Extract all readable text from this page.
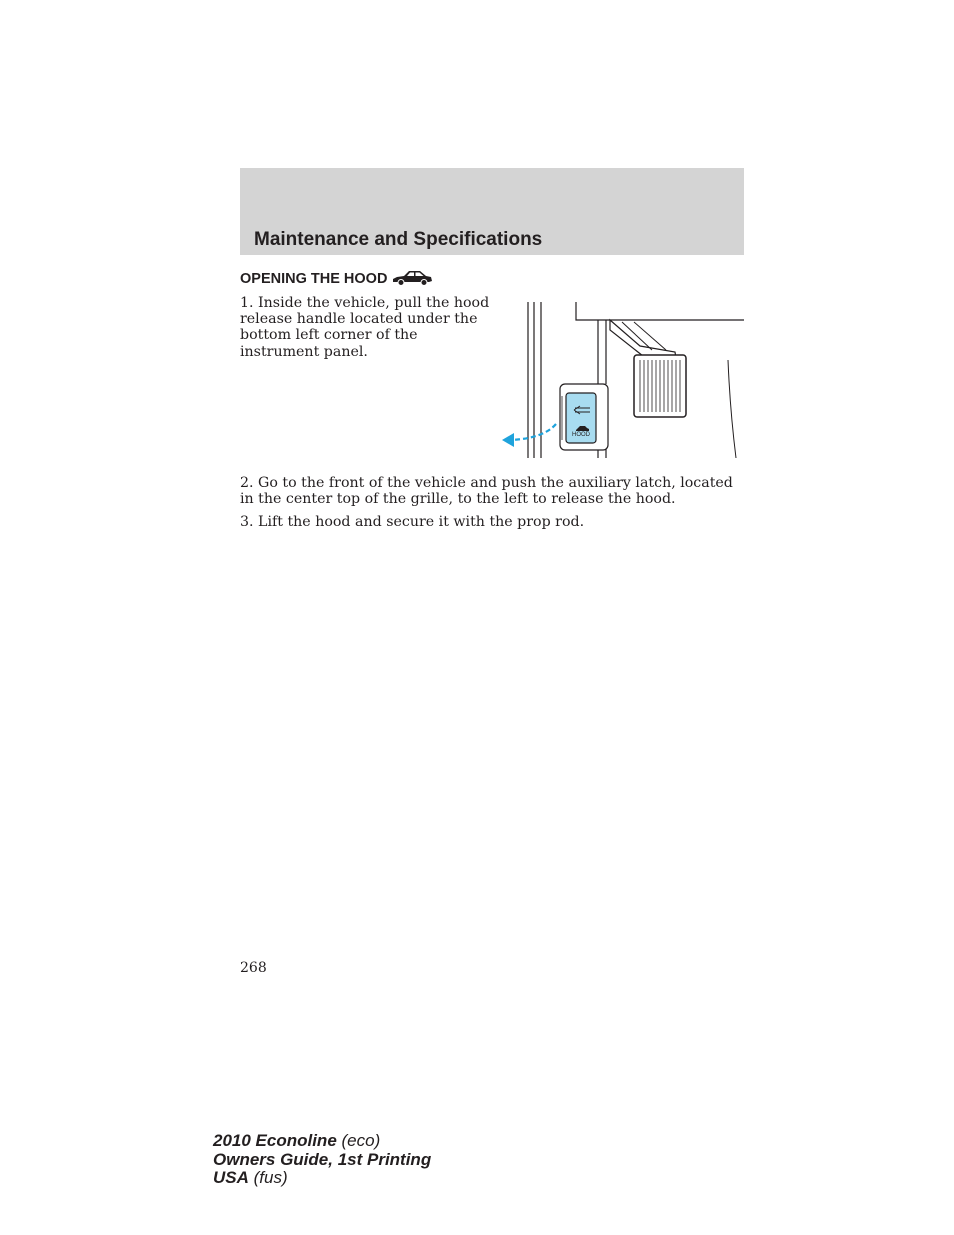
Maintenance and Specifications
OPENING THE HOOD

1. Inside the vehicle, pull the hood release handle located under the bottom left corner of the instrument panel.

HOOD

2. Go to the front of the vehicle and push the auxiliary latch, located in the center top of the grille, to the left to release the hood.

3. Lift the hood and secure it with the prop rod.

268
2010 Econoline (eco)
Owners Guide, 1st Printing
USA (fus)
